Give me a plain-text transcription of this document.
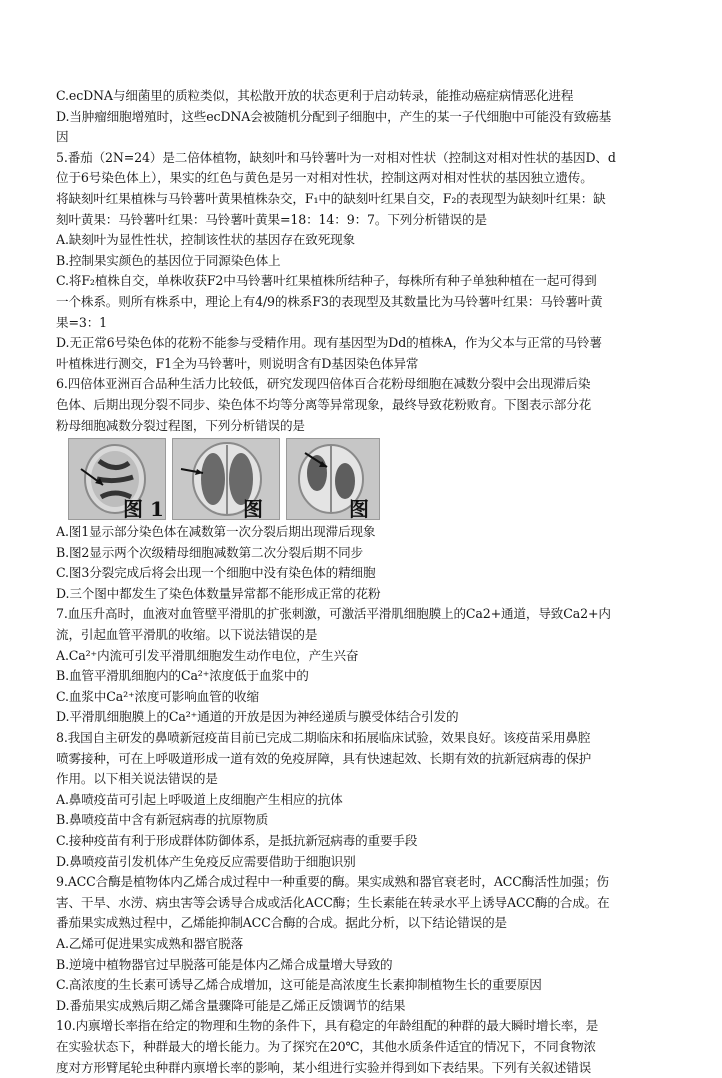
C.ecDNA与细菌里的质粒类似，其松散开放的状态更利于启动转录，能推动癌症病情恶化进程
D.当肿瘤细胞增殖时，这些ecDNA会被随机分配到子细胞中，产生的某一子代细胞中可能没有致癌基
因
5.番茄（2N=24）是二倍体植物，缺刻叶和马铃薯叶为一对相对性状（控制这对相对性状的基因D、d
位于6号染色体上），果实的红色与黄色是另一对相对性状，控制这两对相对性状的基因独立遗传。
将缺刻叶红果植株与马铃薯叶黄果植株杂交，F₁中的缺刻叶红果自交，F₂的表现型为缺刻叶红果：缺
刻叶黄果：马铃薯叶红果：马铃薯叶黄果=18：14：9：7。下列分析错误的是
A.缺刻叶为显性性状，控制该性状的基因存在致死现象
B.控制果实颜色的基因位于同源染色体上
C.将F₂植株自交，单株收获F2中马铃薯叶红果植株所结种子，每株所有种子单独种植在一起可得到
一个株系。则所有株系中，理论上有4/9的株系F3的表现型及其数量比为马铃薯叶红果：马铃薯叶黄
果=3：1
D.无正常6号染色体的花粉不能参与受精作用。现有基因型为Dd的植株A，作为父本与正常的马铃薯
叶植株进行测交，F1全为马铃薯叶，则说明含有D基因染色体异常
6.四倍体亚洲百合品种生活力比较低，研究发现四倍体百合花粉母细胞在减数分裂中会出现滞后染
色体、后期出现分裂不同步、染色体不均等分离等异常现象，最终导致花粉败育。下图表示部分花
粉母细胞减数分裂过程图，下列分析错误的是
图 1	图	图
A.图1显示部分染色体在减数第一次分裂后期出现滞后现象
B.图2显示两个次级精母细胞减数第二次分裂后期不同步
C.图3分裂完成后将会出现一个细胞中没有染色体的精细胞
D.三个图中都发生了染色体数量异常都不能形成正常的花粉
7.血压升高时，血液对血管壁平滑肌的扩张刺激，可激活平滑肌细胞膜上的Ca2+通道，导致Ca2+内
流，引起血管平滑肌的收缩。以下说法错误的是
A.Ca²⁺内流可引发平滑肌细胞发生动作电位，产生兴奋
B.血管平滑肌细胞内的Ca²⁺浓度低于血浆中的
C.血浆中Ca²⁺浓度可影响血管的收缩
D.平滑肌细胞膜上的Ca²⁺通道的开放是因为神经递质与膜受体结合引发的
8.我国自主研发的鼻喷新冠疫苗目前已完成二期临床和拓展临床试验，效果良好。该疫苗采用鼻腔
喷雾接种，可在上呼吸道形成一道有效的免疫屏障，具有快速起效、长期有效的抗新冠病毒的保护
作用。以下相关说法错误的是
A.鼻喷疫苗可引起上呼吸道上皮细胞产生相应的抗体
B.鼻喷疫苗中含有新冠病毒的抗原物质
C.接种疫苗有利于形成群体防御体系，是抵抗新冠病毒的重要手段
D.鼻喷疫苗引发机体产生免疫反应需要借助于细胞识别
9.ACC合酶是植物体内乙烯合成过程中一种重要的酶。果实成熟和器官衰老时，ACC酶活性加强；伤
害、干旱、水涝、病虫害等会诱导合成或活化ACC酶；生长素能在转录水平上诱导ACC酶的合成。在
番茄果实成熟过程中，乙烯能抑制ACC合酶的合成。据此分析，以下结论错误的是
A.乙烯可促进果实成熟和器官脱落
B.逆境中植物器官过早脱落可能是体内乙烯合成量增大导致的
C.高浓度的生长素可诱导乙烯合成增加，这可能是高浓度生长素抑制植物生长的重要原因
D.番茄果实成熟后期乙烯含量骤降可能是乙烯正反馈调节的结果
10.内禀增长率指在给定的物理和生物的条件下，具有稳定的年龄组配的种群的最大瞬时增长率，是
在实验状态下，种群最大的增长能力。为了探究在20℃，其他水质条件适宜的情况下，不同食物浓
度对方形臂尾轮虫种群内禀增长率的影响，某小组进行实验并得到如下表结果。下列有关叙述错误
